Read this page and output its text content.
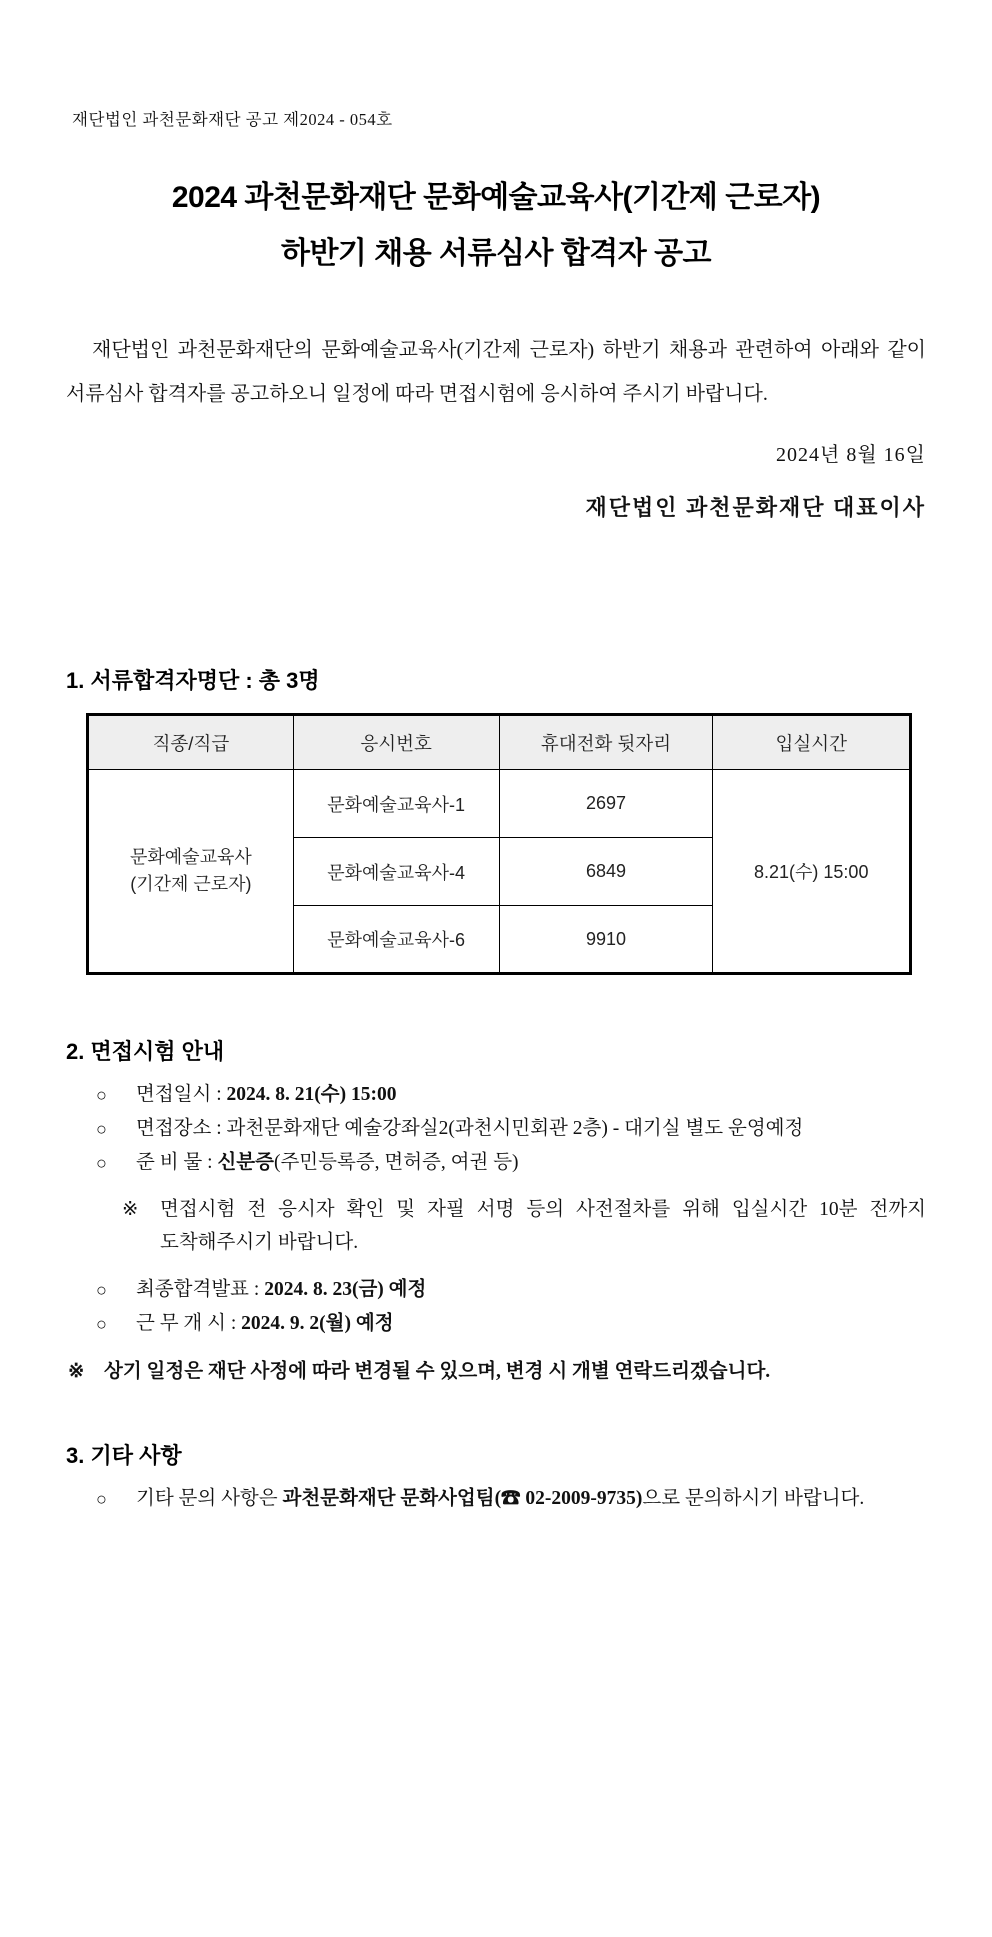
재단법인 과천문화재단 공고 제2024 - 054호
2024 과천문화재단 문화예술교육사(기간제 근로자)
하반기 채용 서류심사 합격자 공고

재단법인 과천문화재단의 문화예술교육사(기간제 근로자) 하반기 채용과 관련하여 아래와 같이 서류심사 합격자를 공고하오니 일정에 따라 면접시험에 응시하여 주시기 바랍니다.

2024년 8월 16일
재단법인 과천문화재단 대표이사
1. 서류합격자명단 : 총 3명
직종/직급	응시번호	휴대전화 뒷자리	입실시간

문화예술교육사
(기간제 근로자)	문화예술교육사-1	2697	8.21(수) 15:00
	문화예술교육사-4	6849	
	문화예술교육사-6	9910	
2. 면접시험 안내
○	면접일시 : 2024. 8. 21(수) 15:00
○	면접장소 : 과천문화재단 예술강좌실2(과천시민회관 2층) - 대기실 별도 운영예정
○	준 비 물 : 신분증(주민등록증, 면허증, 여권 등)
※	면접시험 전 응시자 확인 및 자필 서명 등의 사전절차를 위해 입실시간 10분 전까지 도착해주시기 바랍니다.
○	최종합격발표 : 2024. 8. 23(금) 예정
○	근 무 개 시 : 2024. 9. 2(월) 예정
※	상기 일정은 재단 사정에 따라 변경될 수 있으며, 변경 시 개별 연락드리겠습니다.
3. 기타 사항
○	기타 문의 사항은 과천문화재단 문화사업팀(☎ 02-2009-9735)으로 문의하시기 바랍니다.
